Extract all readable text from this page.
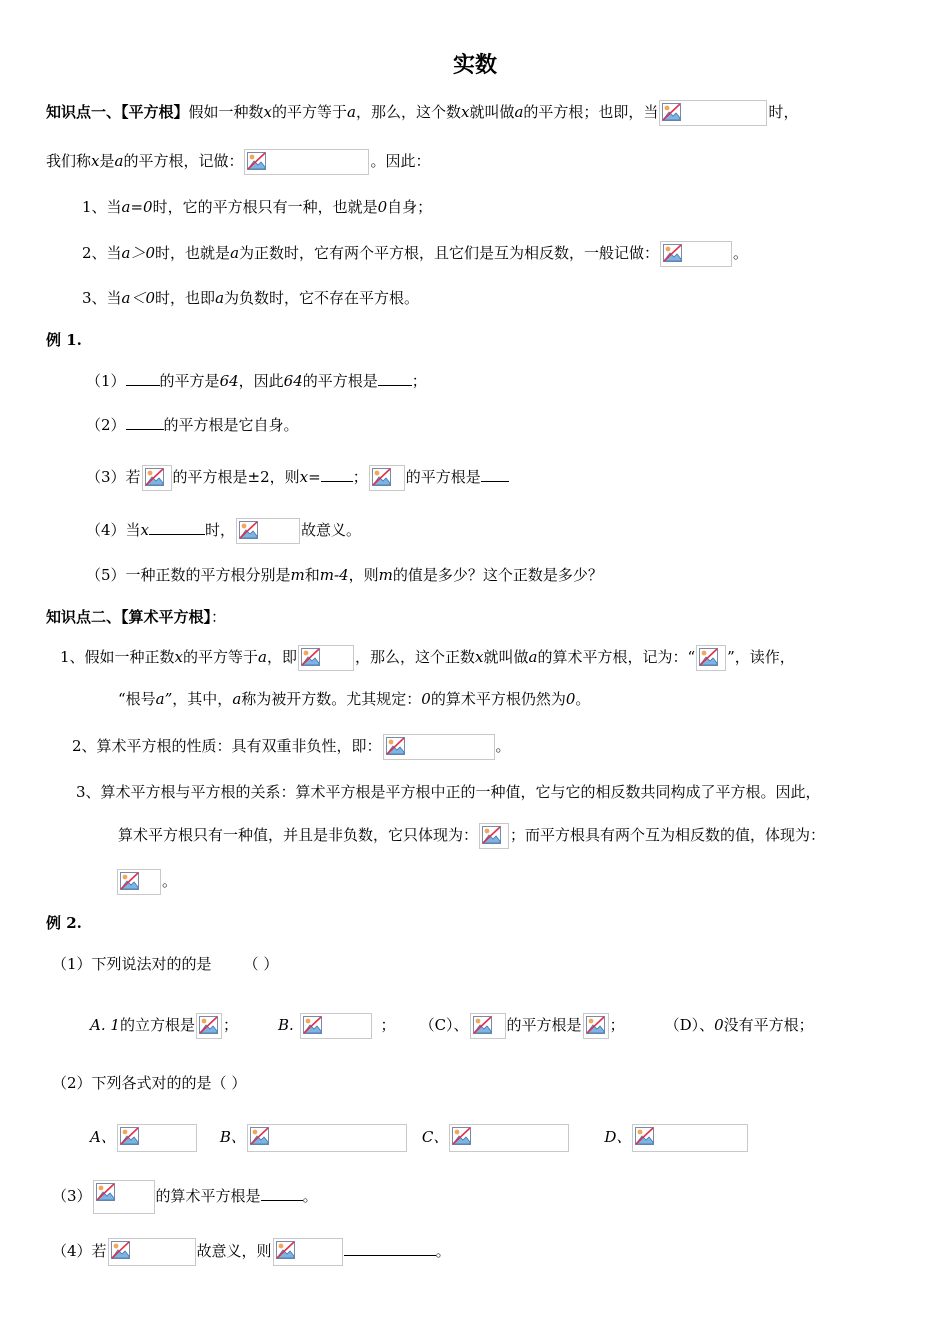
实数
知识点一、【平方根】假如一种数x的平方等于a，那么，这个数x就叫做a的平方根；也即，当	时，
我们称x是a的平方根，记做：	。因此：
1、当a=0时，它的平方根只有一种，也就是0自身；
2、当a＞0时，也就是a为正数时，它有两个平方根，且它们是互为相反数，一般记做：	。
3、当a＜0时，也即a为负数时，它不存在平方根。
例 1.
（1） 的平方是64，因此64的平方根是 ；
（2）	的平方根是它自身。
（3）若 的平方根是±2，则x= ；	的平方根是
（4）当x	时，	故意义。
（5）一种正数的平方根分别是m和m-4，则m的值是多少？这个正数是多少？
知识点二、【算术平方根】：
1、假如一种正数x的平方等于a，即	，那么，这个正数x就叫做a的算术平方根，记为：“ ”，读作，
“根号a”，其中，a称为被开方数。尤其规定：0的算术平方根仍然为0。
2、算术平方根的性质：具有双重非负性，即：	。
3、算术平方根与平方根的关系：算术平方根是平方根中正的一种值，它与它的相反数共同构成了平方根。因此，
算术平方根只有一种值，并且是非负数，它只体现为： ；而平方根具有两个互为相反数的值，体现为：
。
例 2.
（1）下列说法对的的是 （ ）
A. 1的立方根是 ；	B.	； （C）、	的平方根是 ；	（D）、0没有平方根；
（2）下列各式对的的是（ ）
A、	B、	C、	D、
（3）	的算术平方根是	。
（4）若	故意义，则	。
